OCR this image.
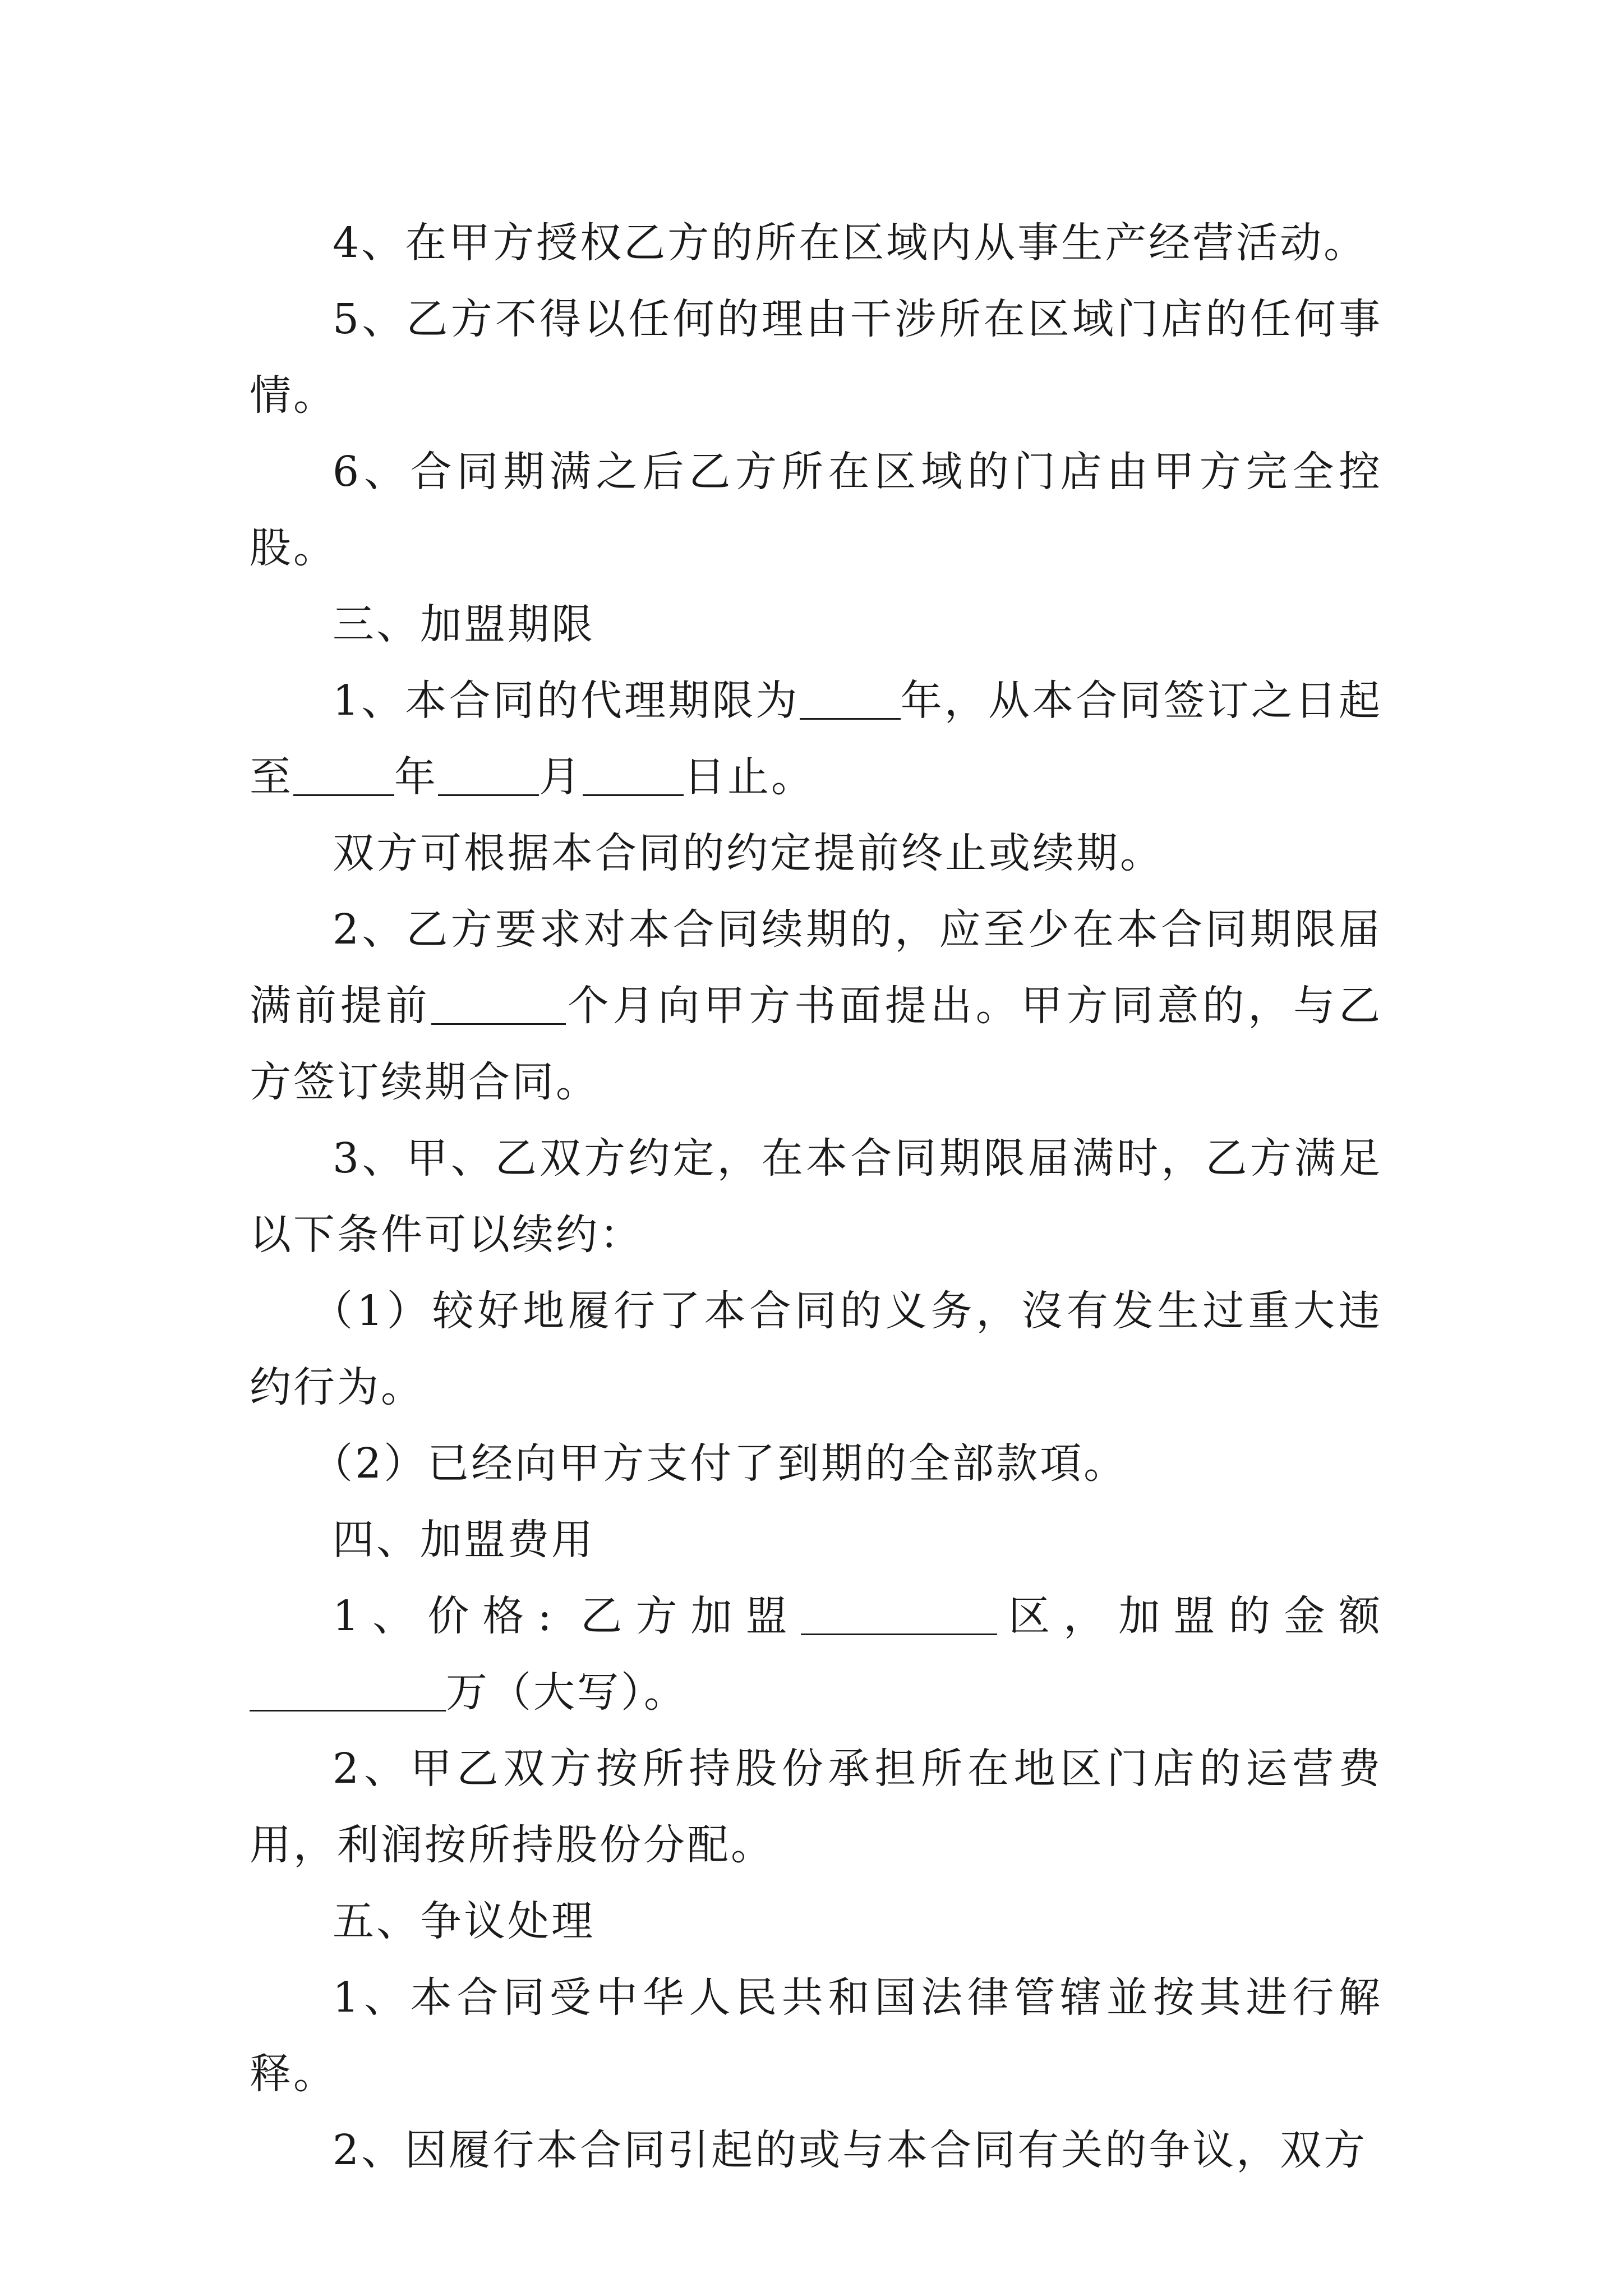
4、在甲方授权乙方的所在区域内从事生产经营活动。

5、乙方不得以任何的理由干涉所在区域门店的任何事情。

6、合同期满之后乙方所在区域的门店由甲方完全控股。

三、加盟期限

1、本合同的代理期限为 年，从本合同签订之日起至 年 月 日止。

双方可根据本合同的约定提前终止或续期。

2、乙方要求对本合同续期的，应至少在本合同期限届满前提前	个月向甲方书面提出。甲方同意的，与乙方签订续期合同。

3、甲、乙双方约定，在本合同期限届满时，乙方满足以下条件可以续约：

（1）较好地履行了本合同的义务，沒有发生过重大违约行为。

（2）已经向甲方支付了到期的全部款項。

四、加盟费用

1、价格: 乙方加盟	区，加盟的金额万（大写）。

2、甲乙双方按所持股份承担所在地区门店的运营费用，利润按所持股份分配。

五、争议处理

1、本合同受中华人民共和国法律管辖並按其进行解释。

2、因履行本合同引起的或与本合同有关的争议，双方
